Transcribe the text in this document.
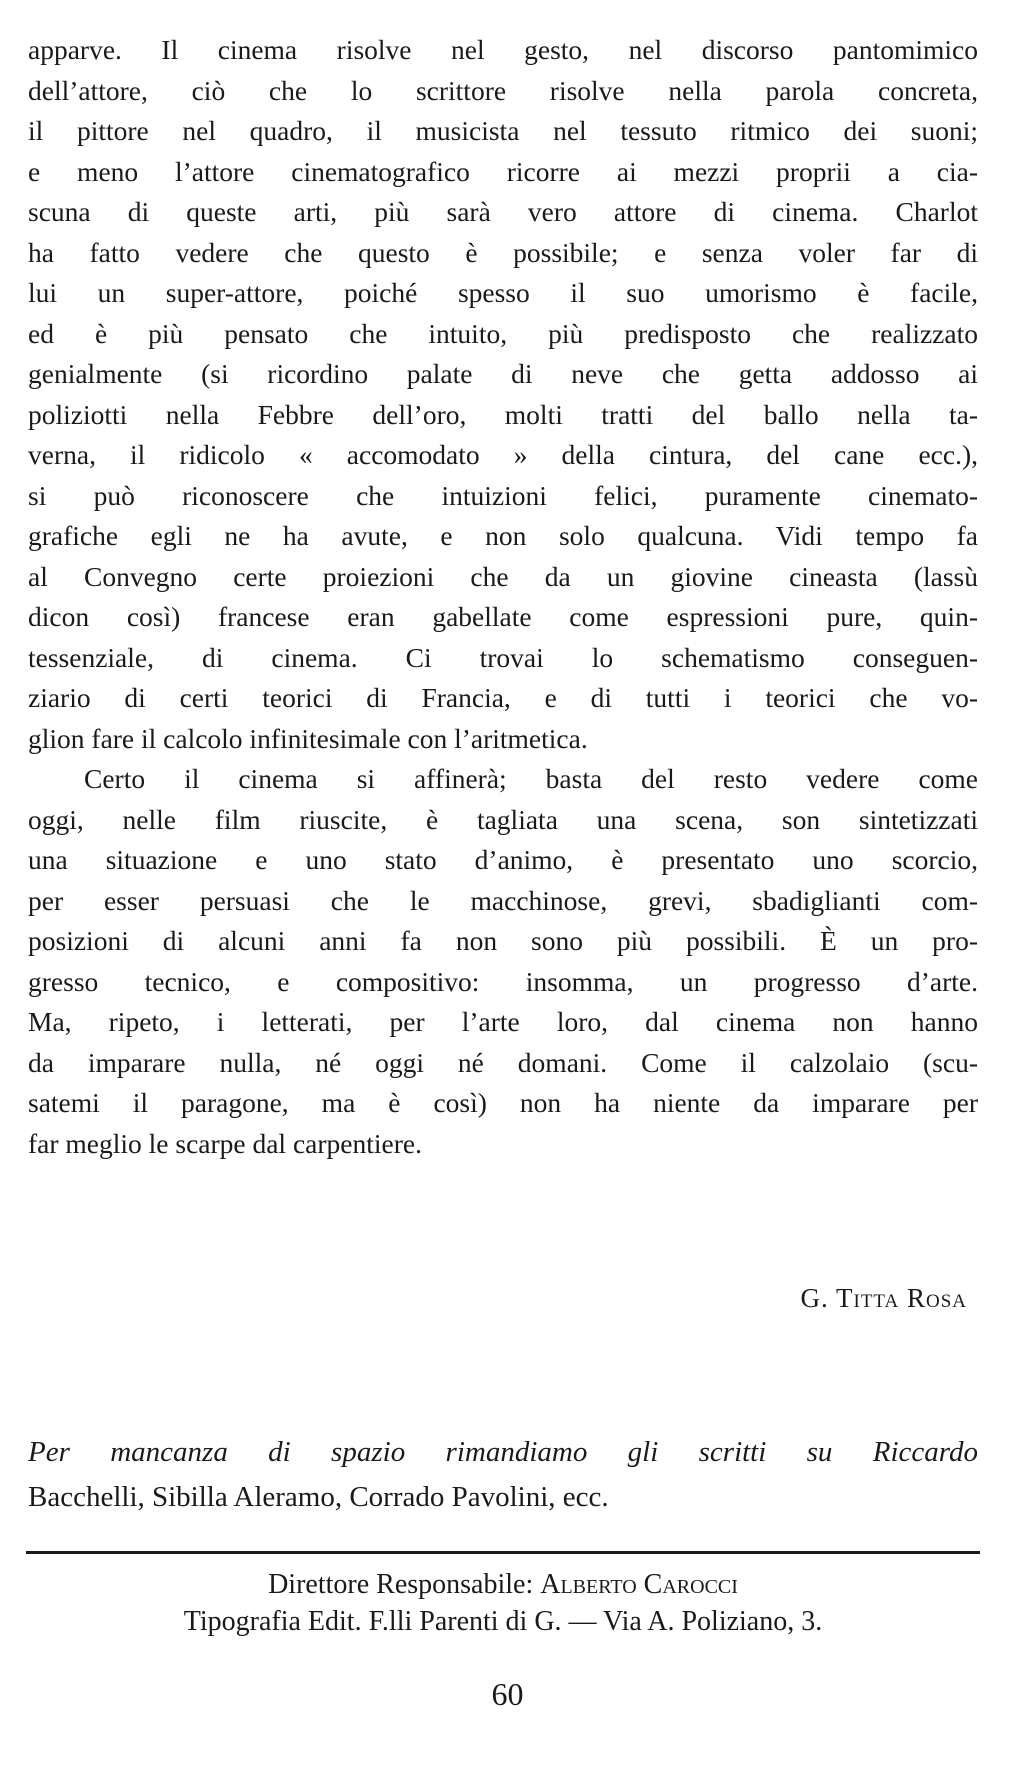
apparve. Il cinema risolve nel gesto, nel discorso pantomimico
dell’attore, ciò che lo scrittore risolve nella parola concreta,
il pittore nel quadro, il musicista nel tessuto ritmico dei suoni;
e meno l’attore cinematografico ricorre ai mezzi proprii a cia-
scuna di queste arti, più sarà vero attore di cinema. Charlot
ha fatto vedere che questo è possibile; e senza voler far di
lui un super-attore, poiché spesso il suo umorismo è facile,
ed è più pensato che intuito, più predisposto che realizzato
genialmente (si ricordino palate di neve che getta addosso ai
poliziotti nella Febbre dell’oro, molti tratti del ballo nella ta-
verna, il ridicolo « accomodato » della cintura, del cane ecc.),
si può riconoscere che intuizioni felici, puramente cinemato-
grafiche egli ne ha avute, e non solo qualcuna. Vidi tempo fa
al Convegno certe proiezioni che da un giovine cineasta (lassù
dicon così) francese eran gabellate come espressioni pure, quin-
tessenziale, di cinema. Ci trovai lo schematismo conseguen-
ziario di certi teorici di Francia, e di tutti i teorici che vo-
glion fare il calcolo infinitesimale con l’aritmetica.
Certo il cinema si affinerà; basta del resto vedere come
oggi, nelle film riuscite, è tagliata una scena, son sintetizzati
una situazione e uno stato d’animo, è presentato uno scorcio,
per esser persuasi che le macchinose, grevi, sbadiglianti com-
posizioni di alcuni anni fa non sono più possibili. È un pro-
gresso tecnico, e compositivo: insomma, un progresso d’arte.
Ma, ripeto, i letterati, per l’arte loro, dal cinema non hanno
da imparare nulla, né oggi né domani. Come il calzolaio (scu-
satemi il paragone, ma è così) non ha niente da imparare per
far meglio le scarpe dal carpentiere.
G. Titta Rosa
Per mancanza di spazio rimandiamo gli scritti su Riccardo
Bacchelli, Sibilla Aleramo, Corrado Pavolini, ecc.
Direttore Responsabile: Alberto Carocci
Tipografia Edit. F.lli Parenti di G. — Via A. Poliziano, 3.
60
